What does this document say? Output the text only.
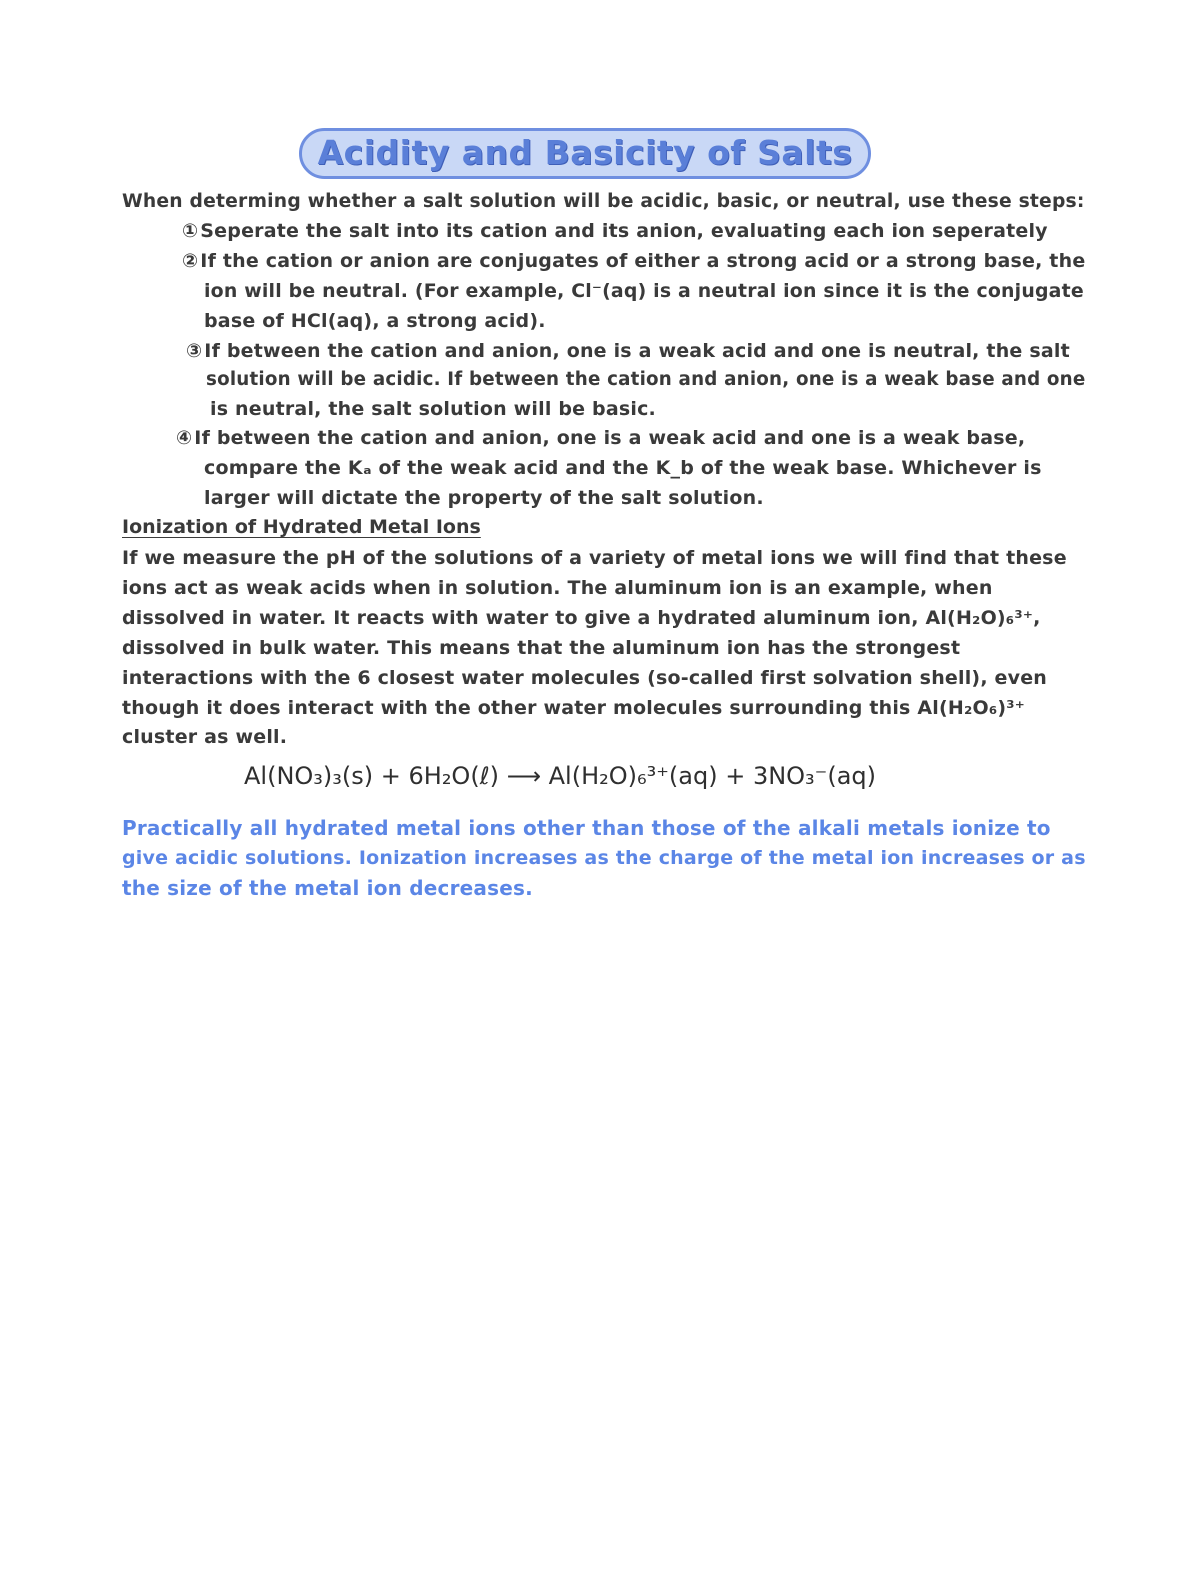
Acidity and Basicity of Salts
When determing whether a salt solution will be acidic, basic, or neutral, use these steps:
① Seperate the salt into its cation and its anion, evaluating each ion seperately
② If the cation or anion are conjugates of either a strong acid or a strong base, the
ion will be neutral. (For example, Cl⁻(aq) is a neutral ion since it is the conjugate
base of HCl(aq), a strong acid).
③ If between the cation and anion, one is a weak acid and one is neutral, the salt
solution will be acidic. If between the cation and anion, one is a weak base and one
is neutral, the salt solution will be basic.
④ If between the cation and anion, one is a weak acid and one is a weak base,
compare the Kₐ of the weak acid and the K_b of the weak base. Whichever is
larger will dictate the property of the salt solution.
Ionization of Hydrated Metal Ions
If we measure the pH of the solutions of a variety of metal ions we will find that these
ions act as weak acids when in solution. The aluminum ion is an example, when
dissolved in water. It reacts with water to give a hydrated aluminum ion, Al(H₂O)₆³⁺,
dissolved in bulk water. This means that the aluminum ion has the strongest
interactions with the 6 closest water molecules (so-called first solvation shell), even
though it does interact with the other water molecules surrounding this Al(H₂O₆)³⁺
cluster as well.
Al(NO₃)₃(s) + 6H₂O(ℓ) ⟶ Al(H₂O)₆³⁺(aq) + 3NO₃⁻(aq)
Practically all hydrated metal ions other than those of the alkali metals ionize to
give acidic solutions. Ionization increases as the charge of the metal ion increases or as
the size of the metal ion decreases.
